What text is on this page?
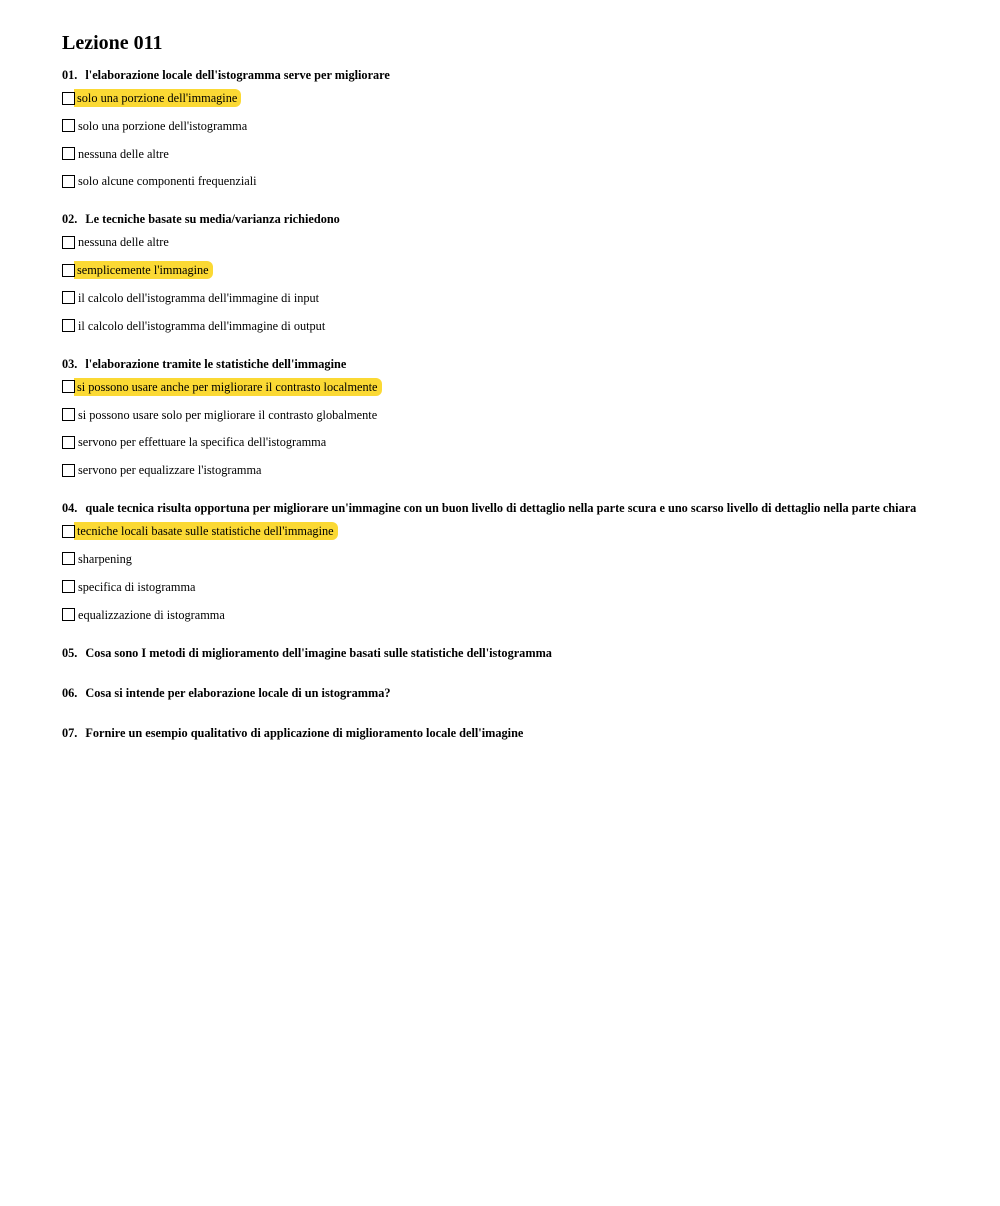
Lezione 011

01. l'elaborazione locale dell'istogramma serve per migliorare

solo una porzione dell'immagine
solo una porzione dell'istogramma
nessuna delle altre
solo alcune componenti frequenziali

02. Le tecniche basate su media/varianza richiedono

nessuna delle altre
semplicemente l'immagine
il calcolo dell'istogramma dell'immagine di input
il calcolo dell'istogramma dell'immagine di output

03. l'elaborazione tramite le statistiche dell'immagine

si possono usare anche per migliorare il contrasto localmente
si possono usare solo per migliorare il contrasto globalmente
servono per effettuare la specifica dell'istogramma
servono per equalizzare l'istogramma

04. quale tecnica risulta opportuna per migliorare un'immagine con un buon livello di dettaglio nella parte scura e uno scarso livello di dettaglio nella parte chiara

tecniche locali basate sulle statistiche dell'immagine
sharpening
specifica di istogramma
equalizzazione di istogramma

05. Cosa sono I metodi di miglioramento dell'imagine basati sulle statistiche dell'istogramma

06. Cosa si intende per elaborazione locale di un istogramma?

07. Fornire un esempio qualitativo di applicazione di miglioramento locale dell'imagine
